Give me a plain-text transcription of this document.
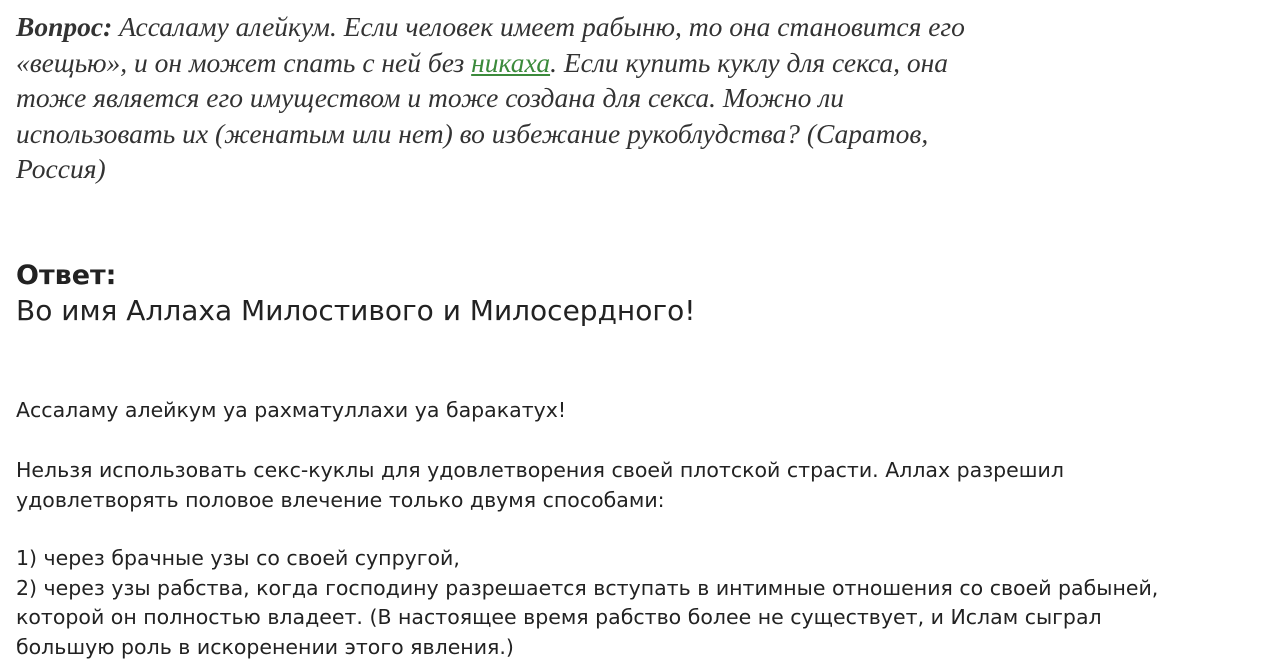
Вопрос: Ассаламу алейкум. Если человек имеет рабыню, то она становится его «вещью», и он может спать с ней без никаха. Если купить куклу для секса, она тоже является его имуществом и тоже создана для секса. Можно ли использовать их (женатым или нет) во избежание рукоблудства? (Саратов, Россия)

Ответ:

Во имя Аллаха Милостивого и Милосердного!

Ассаламу алейкум уа рахматуллахи уа баракатух!

Нельзя использовать секс-куклы для удовлетворения своей плотской страсти. Аллах разрешил
удовлетворять половое влечение только двумя способами:

1) через брачные узы со своей супругой,
2) через узы рабства, когда господину разрешается вступать в интимные отношения со своей рабыней,
которой он полностью владеет. (В настоящее время рабство более не существует, и Ислам сыграл
большую роль в искоренении этого явления.)
